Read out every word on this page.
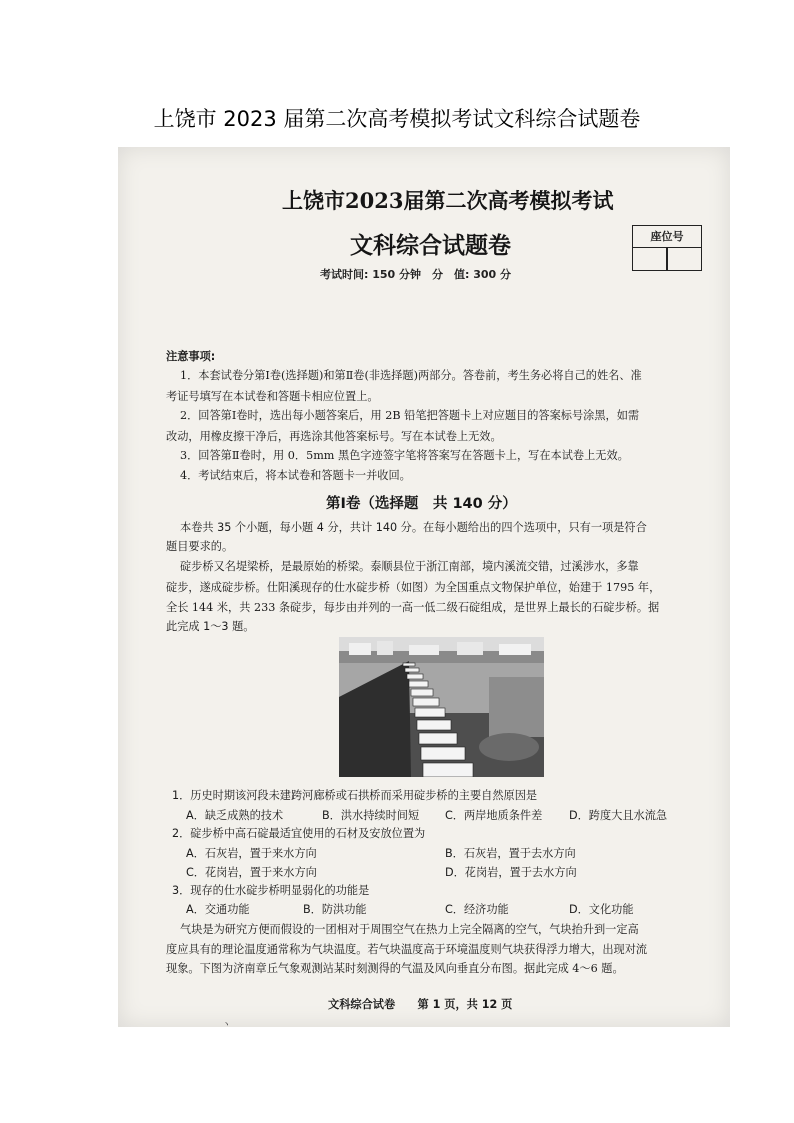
上饶市 2023 届第二次高考模拟考试文科综合试题卷
上饶市2023届第二次高考模拟考试
文科综合试题卷
考试时间: 150 分钟　分　值: 300 分
座位号
注意事项:
1．本套试卷分第Ⅰ卷(选择题)和第Ⅱ卷(非选择题)两部分。答卷前，考生务必将自己的姓名、准
考证号填写在本试卷和答题卡相应位置上。
2．回答第Ⅰ卷时，选出每小题答案后，用 2B 铅笔把答题卡上对应题目的答案标号涂黑，如需
改动，用橡皮擦干净后，再选涂其他答案标号。写在本试卷上无效。
3．回答第Ⅱ卷时，用 0．5mm 黑色字迹签字笔将答案写在答题卡上，写在本试卷上无效。
4．考试结束后，将本试卷和答题卡一并收回。
第Ⅰ卷（选择题　共 140 分）
本卷共 35 个小题，每小题 4 分，共计 140 分。在每小题给出的四个选项中，只有一项是符合
题目要求的。
碇步桥又名堤梁桥，是最原始的桥梁。泰顺县位于浙江南部，境内溪流交错，过溪涉水，多靠
碇步，遂成碇步桥。仕阳溪现存的仕水碇步桥（如图）为全国重点文物保护单位，始建于 1795 年，
全长 144 米，共 233 条碇步，每步由并列的一高一低二级石碇组成，是世界上最长的石碇步桥。据
此完成 1～3 题。
1．历史时期该河段未建跨河廊桥或石拱桥而采用碇步桥的主要自然原因是
A．缺乏成熟的技术	B．洪水持续时间短 C．两岸地质条件差 D．跨度大且水流急
2．碇步桥中高石碇最适宜使用的石材及安放位置为
A．石灰岩，置于来水方向	B．石灰岩，置于去水方向
C．花岗岩，置于来水方向	D．花岗岩，置于去水方向
3．现存的仕水碇步桥明显弱化的功能是
A．交通功能	B．防洪功能	C．经济功能	D．文化功能
气块是为研究方便而假设的一团相对于周围空气在热力上完全隔离的空气，气块抬升到一定高
度应具有的理论温度通常称为气块温度。若气块温度高于环境温度则气块获得浮力增大，出现对流
现象。下图为济南章丘气象观测站某时刻测得的气温及风向垂直分布图。据此完成 4～6 题。
文科综合试卷　　第 1 页，共 12 页
ヽ
